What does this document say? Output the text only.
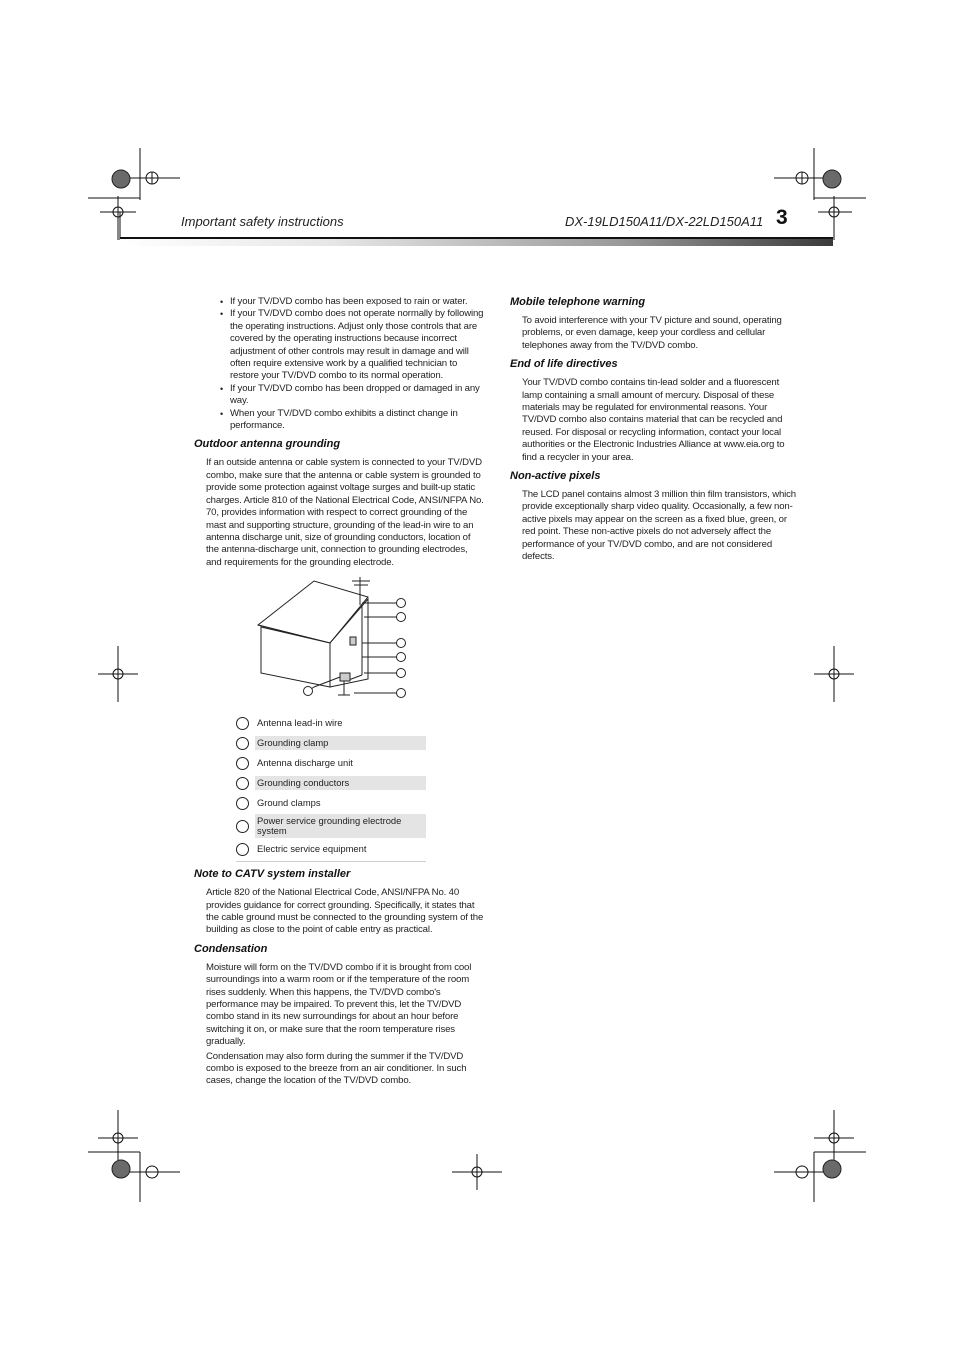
Important safety instructions	DX-19LD150A11/DX-22LD150A11 3
• If your TV/DVD combo has been exposed to rain or water.
• If your TV/DVD combo does not operate normally by following the operating instructions. Adjust only those controls that are covered by the operating instructions because incorrect adjustment of other controls may result in damage and will often require extensive work by a qualified technician to restore your TV/DVD combo to its normal operation.
• If your TV/DVD combo has been dropped or damaged in any way.
• When your TV/DVD combo exhibits a distinct change in performance.
Outdoor antenna grounding

If an outside antenna or cable system is connected to your TV/DVD combo, make sure that the antenna or cable system is grounded to provide some protection against voltage surges and built-up static charges. Article 810 of the National Electrical Code, ANSI/NFPA No. 70, provides information with respect to correct grounding of the mast and supporting structure, grounding of the lead-in wire to an antenna discharge unit, size of grounding conductors, location of the antenna-discharge unit, connection to grounding electrodes, and requirements for the grounding electrode.

Antenna lead-in wire
Grounding clamp
Antenna discharge unit
Grounding conductors
Ground clamps
Power service grounding electrode system
Electric service equipment
Note to CATV system installer

Article 820 of the National Electrical Code, ANSI/NFPA No. 40 provides guidance for correct grounding. Specifically, it states that the cable ground must be connected to the grounding system of the building as close to the point of cable entry as practical.

Condensation

Moisture will form on the TV/DVD combo if it is brought from cool surroundings into a warm room or if the temperature of the room rises suddenly. When this happens, the TV/DVD combo's performance may be impaired. To prevent this, let the TV/DVD combo stand in its new surroundings for about an hour before switching it on, or make sure that the room temperature rises gradually.

Condensation may also form during the summer if the TV/DVD combo is exposed to the breeze from an air conditioner. In such cases, change the location of the TV/DVD combo.

Mobile telephone warning

To avoid interference with your TV picture and sound, operating problems, or even damage, keep your cordless and cellular telephones away from the TV/DVD combo.

End of life directives

Your TV/DVD combo contains tin-lead solder and a fluorescent lamp containing a small amount of mercury. Disposal of these materials may be regulated for environmental reasons. Your TV/DVD combo also contains material that can be recycled and reused. For disposal or recycling information, contact your local authorities or the Electronic Industries Alliance at www.eia.org to find a recycler in your area.

Non-active pixels

The LCD panel contains almost 3 million thin film transistors, which provide exceptionally sharp video quality. Occasionally, a few non-active pixels may appear on the screen as a fixed blue, green, or red point. These non-active pixels do not adversely affect the performance of your TV/DVD combo, and are not considered defects.
